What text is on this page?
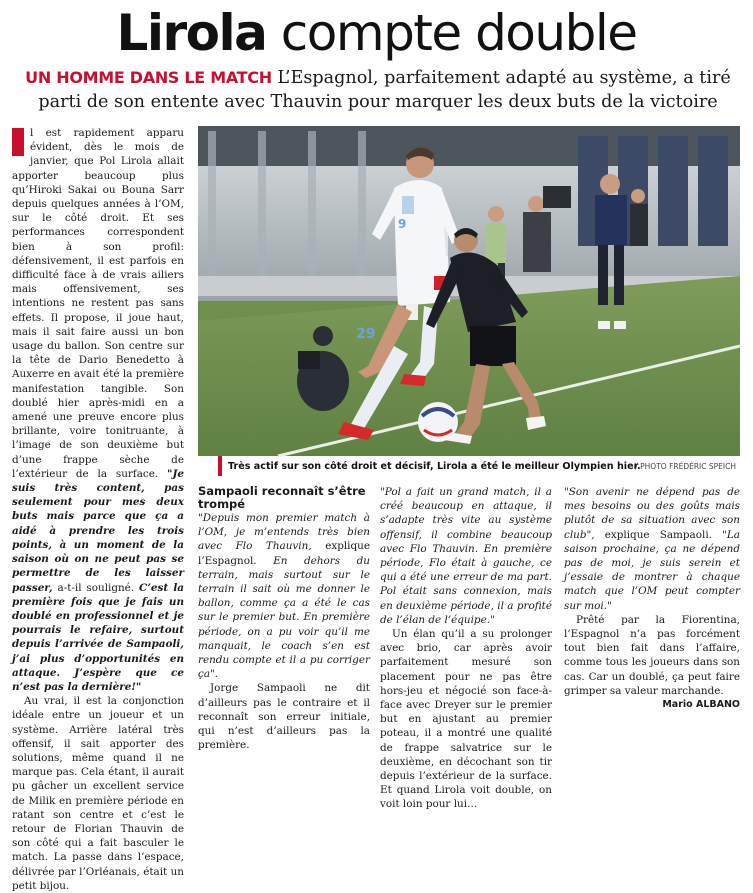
Lirola compte double
UN HOMME DANS LE MATCH L’Espagnol, parfaitement adapté au système, a tiré parti de son entente avec Thauvin pour marquer les deux buts de la victoire

l est rapidement apparu évident, dès le mois de janvier, que Pol Lirola allait apporter beaucoup plus qu’Hiroki Sakai ou Bouna Sarr depuis quelques années à l’OM, sur le côté droit. Et ses performances correspondent bien à son profil: défensivement, il est parfois en difficulté face à de vrais ailiers mais offensivement, ses intentions ne restent pas sans effets. Il propose, il joue haut, mais il sait faire aussi un bon usage du ballon. Son centre sur la tête de Dario Benedetto à Auxerre en avait été la première manifestation tangible. Son doublé hier après-midi en a amené une preuve encore plus brillante, voire tonitruante, à l’image de son deuxième but d’une frappe sèche de l’extérieur de la surface. "Je suis très content, pas seulement pour mes deux buts mais parce que ça a aidé à prendre les trois points, à un moment de la saison où on ne peut pas se permettre de les laisser passer, a-t-il souligné. C’est la première fois que je fais un doublé en professionnel et je pourrais le refaire, surtout depuis l’arrivée de Sampaoli, j’ai plus d’opportunités en attaque. J’espère que ce n’est pas la dernière!"

Au vrai, il est la conjonction idéale entre un joueur et un système. Arrière latéral très offensif, il sait apporter des solutions, même quand il ne marque pas. Cela étant, il aurait pu gâcher un excellent service de Milik en première période en ratant son centre et c’est le retour de Florian Thauvin de son côté qui a fait basculer le match. La passe dans l’espace, délivrée par l’Orléanais, était un petit bijou.

9
29
Très actif sur son côté droit et décisif, Lirola a été le meilleur Olympien hier.
/ PHOTO FRÉDÉRIC SPEICH

Sampaoli reconnaît s’être trompé

"Depuis mon premier match à l’OM, je m’entends très bien avec Flo Thauvin, explique l’Espagnol. En dehors du terrain, mais surtout sur le terrain il sait où me donner le ballon, comme ça a été le cas sur le premier but. En première période, on a pu voir qu’il me manquait, le coach s’en est rendu compte et il a pu corriger ça".

Jorge Sampaoli ne dit d’ailleurs pas le contraire et il reconnaît son erreur initiale, qui n’est d’ailleurs pas la première.

"Pol a fait un grand match, il a créé beaucoup en attaque, il s’adapte très vite au système offensif, il combine beaucoup avec Flo Thauvin. En première période, Flo était à gauche, ce qui a été une erreur de ma part. Pol était sans connexion, mais en deuxième période, il a profité de l’élan de l’équipe."

Un élan qu’il a su prolonger avec brio, car après avoir parfaitement mesuré son placement pour ne pas être hors-jeu et négocié son face-à-face avec Dreyer sur le premier but en ajustant au premier poteau, il a montré une qualité de frappe salvatrice sur le deuxième, en décochant son tir depuis l’extérieur de la surface. Et quand Lirola voit double, on voit loin pour lui…

"Son avenir ne dépend pas de mes besoins ou des goûts mais plutôt de sa situation avec son club", explique Sampaoli. "La saison prochaine, ça ne dépend pas de moi, je suis serein et j’essaie de montrer à chaque match que l’OM peut compter sur moi."

Prêté par la Fiorentina, l’Espagnol n’a pas forcément tout bien fait dans l’affaire, comme tous les joueurs dans son cas. Car un doublé, ça peut faire grimper sa valeur marchande.

Mario ALBANO
